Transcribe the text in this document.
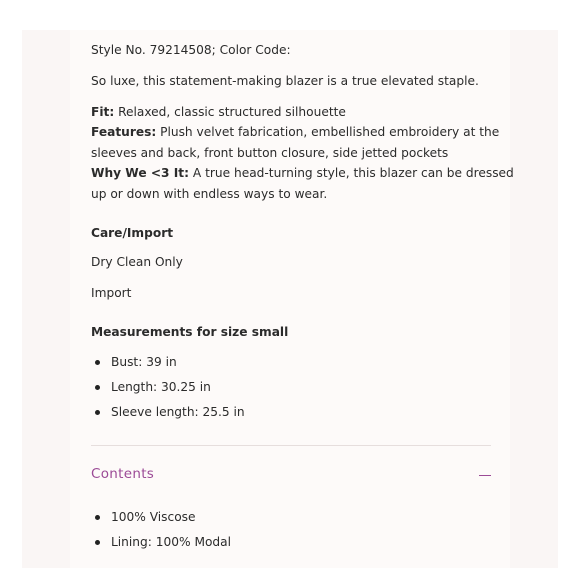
Style No. 79214508; Color Code:
So luxe, this statement-making blazer is a true elevated staple.
Fit: Relaxed, classic structured silhouette
Features: Plush velvet fabrication, embellished embroidery at the
sleeves and back, front button closure, side jetted pockets
Why We <3 It: A true head-turning style, this blazer can be dressed
up or down with endless ways to wear.
Care/Import
Dry Clean Only
Import
Measurements for size small
Bust: 39 in
Length: 30.25 in
Sleeve length: 25.5 in
Contents
100% Viscose
Lining: 100% Modal
